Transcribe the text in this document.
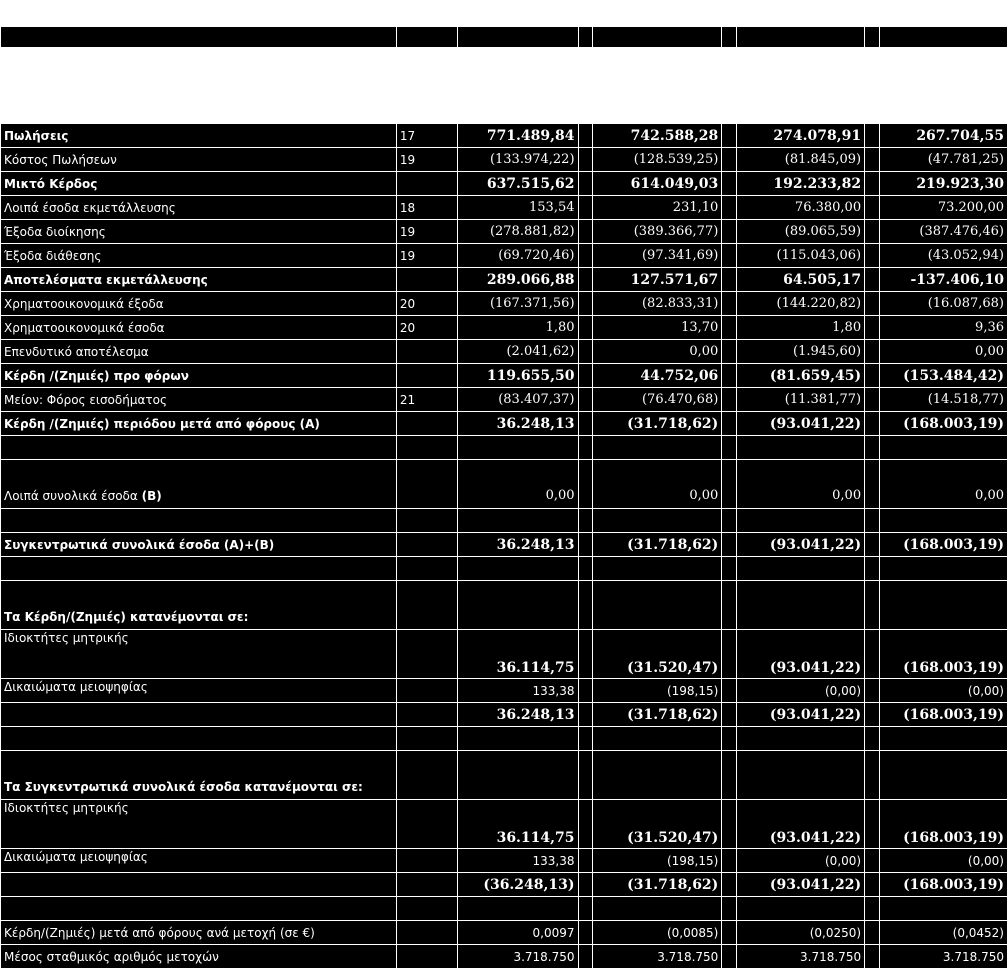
Πωλήσεις	17	771.489,84		742.588,28		274.078,91		267.704,55
Κόστος Πωλήσεων	19	(133.974,22)		(128.539,25)		(81.845,09)		(47.781,25)
Μικτό Κέρδος		637.515,62		614.049,03		192.233,82		219.923,30
Λοιπά έσοδα εκμετάλλευσης	18	153,54		231,10		76.380,00		73.200,00
Έξοδα διοίκησης	19	(278.881,82)		(389.366,77)		(89.065,59)		(387.476,46)
Έξοδα διάθεσης	19	(69.720,46)		(97.341,69)		(115.043,06)		(43.052,94)
Αποτελέσματα εκμετάλλευσης		289.066,88		127.571,67		64.505,17		-137.406,10
Χρηματοοικονομικά έξοδα	20	(167.371,56)		(82.833,31)		(144.220,82)		(16.087,68)
Χρηματοοικονομικά έσοδα	20	1,80		13,70		1,80		9,36
Επενδυτικό αποτέλεσμα		(2.041,62)		0,00		(1.945,60)		0,00
Κέρδη /(Ζημιές) προ φόρων		119.655,50		44.752,06		(81.659,45)		(153.484,42)
Μείον: Φόρος εισοδήματος	21	(83.407,37)		(76.470,68)		(11.381,77)		(14.518,77)
Κέρδη /(Ζημιές) περιόδου μετά από φόρους (Α)		36.248,13		(31.718,62)		(93.041,22)		(168.003,19)

Λοιπά συνολικά έσοδα (Β)		0,00		0,00		0,00		0,00

Συγκεντρωτικά συνολικά έσοδα (Α)+(Β)		36.248,13		(31.718,62)		(93.041,22)		(168.003,19)

Τα Κέρδη/(Ζημιές) κατανέμονται σε:								
Ιδιοκτήτες μητρικής		36.114,75		(31.520,47)		(93.041,22)		(168.003,19)
Δικαιώματα μειοψηφίας		133,38		(198,15)		(0,00)		(0,00)
		36.248,13		(31.718,62)		(93.041,22)		(168.003,19)

Τα Συγκεντρωτικά συνολικά έσοδα κατανέμονται σε:								
Ιδιοκτήτες μητρικής		36.114,75		(31.520,47)		(93.041,22)		(168.003,19)
Δικαιώματα μειοψηφίας		133,38		(198,15)		(0,00)		(0,00)
		(36.248,13)		(31.718,62)		(93.041,22)		(168.003,19)

Κέρδη/(Ζημιές) μετά από φόρους ανά μετοχή (σε €)		0,0097		(0,0085)		(0,0250)		(0,0452)
Μέσος σταθμικός αριθμός μετοχών		3.718.750		3.718.750		3.718.750		3.718.750
